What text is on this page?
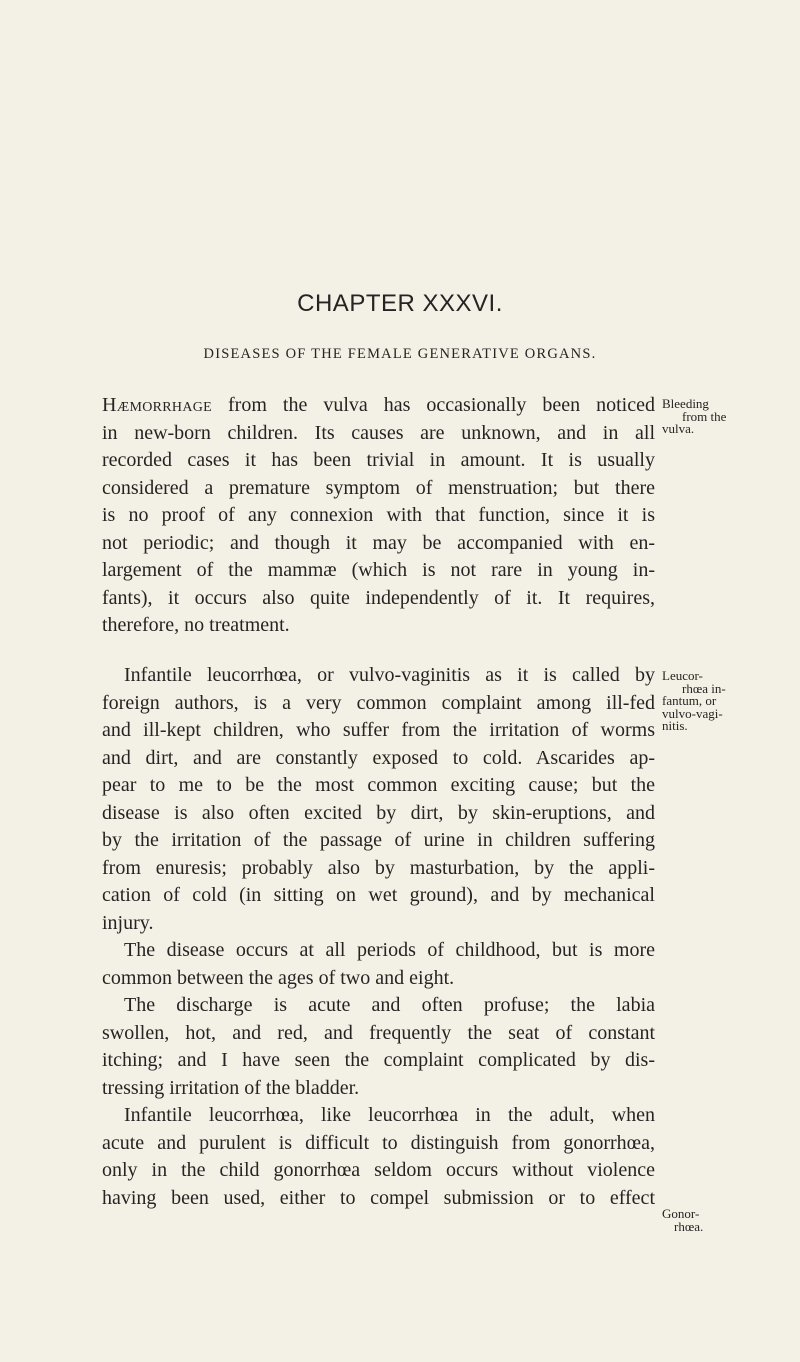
CHAPTER XXXVI.
DISEASES OF THE FEMALE GENERATIVE ORGANS.
Hæmorrhage from the vulva has occasionally been noticed
in new-born children. Its causes are unknown, and in all
recorded cases it has been trivial in amount. It is usually
considered a premature symptom of menstruation; but there
is no proof of any connexion with that function, since it is
not periodic; and though it may be accompanied with en-
largement of the mammæ (which is not rare in young in-
fants), it occurs also quite independently of it. It requires,
therefore, no treatment.
Infantile leucorrhœa, or vulvo-vaginitis as it is called by
foreign authors, is a very common complaint among ill-fed
and ill-kept children, who suffer from the irritation of worms
and dirt, and are constantly exposed to cold. Ascarides ap-
pear to me to be the most common exciting cause; but the
disease is also often excited by dirt, by skin-eruptions, and
by the irritation of the passage of urine in children suffering
from enuresis; probably also by masturbation, by the appli-
cation of cold (in sitting on wet ground), and by mechanical
injury.
The disease occurs at all periods of childhood, but is more
common between the ages of two and eight.
The discharge is acute and often profuse; the labia
swollen, hot, and red, and frequently the seat of constant
itching; and I have seen the complaint complicated by dis-
tressing irritation of the bladder.
Infantile leucorrhœa, like leucorrhœa in the adult, when
acute and purulent is difficult to distinguish from gonorrhœa,
only in the child gonorrhœa seldom occurs without violence
having been used, either to compel submission or to effect
Bleeding
from the
vulva.
Leucor-
rhœa in-
fantum, or
vulvo-vagi-
nitis.
Gonor-
rhœa.
